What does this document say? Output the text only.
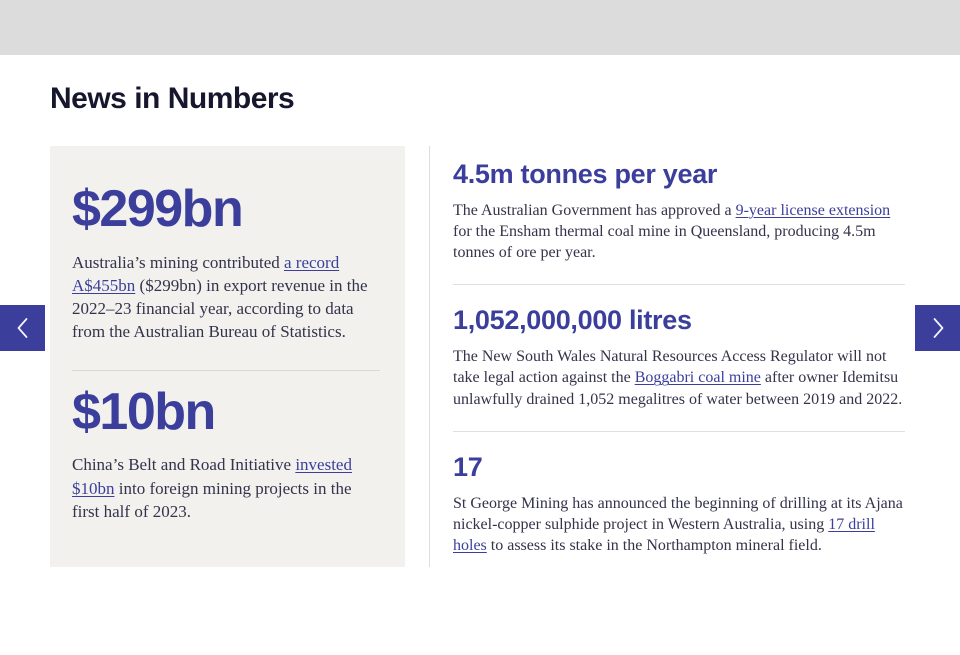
News in Numbers
$299bn

Australia’s mining contributed a record A$455bn ($299bn) in export revenue in the 2022–23 financial year, according to data from the Australian Bureau of Statistics.

$10bn

China’s Belt and Road Initiative invested $10bn into foreign mining projects in the first half of 2023.

4.5m tonnes per year

The Australian Government has approved a 9-year license extension for the Ensham thermal coal mine in Queensland, producing 4.5m tonnes of ore per year.

1,052,000,000 litres

The New South Wales Natural Resources Access Regulator will not take legal action against the Boggabri coal mine after owner Idemitsu unlawfully drained 1,052 megalitres of water between 2019 and 2022.

17

St George Mining has announced the beginning of drilling at its Ajana nickel-copper sulphide project in Western Australia, using 17 drill holes to assess its stake in the Northampton mineral field.
